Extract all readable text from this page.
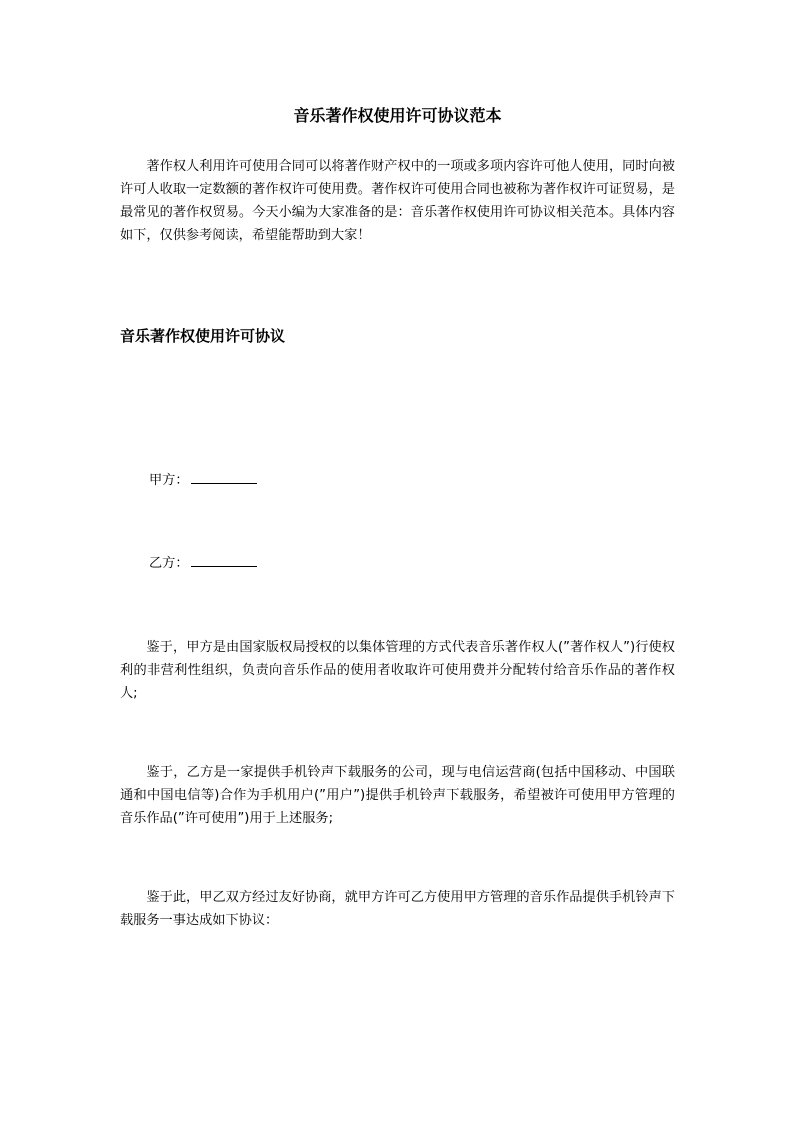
音乐著作权使用许可协议范本

著作权人利用许可使用合同可以将著作财产权中的一项或多项内容许可他人使用，同时向被许可人收取一定数额的著作权许可使用费。著作权许可使用合同也被称为著作权许可证贸易，是最常见的著作权贸易。今天小编为大家准备的是：音乐著作权使用许可协议相关范本。具体内容如下，仅供参考阅读，希望能帮助到大家！

音乐著作权使用许可协议
甲方：
乙方：

鉴于，甲方是由国家版权局授权的以集体管理的方式代表音乐著作权人(”著作权人”)行使权利的非营利性组织，负责向音乐作品的使用者收取许可使用费并分配转付给音乐作品的著作权人;

鉴于，乙方是一家提供手机铃声下载服务的公司，现与电信运营商(包括中国移动、中国联通和中国电信等)合作为手机用户(”用户”)提供手机铃声下载服务，希望被许可使用甲方管理的音乐作品(”许可使用”)用于上述服务;

鉴于此，甲乙双方经过友好协商，就甲方许可乙方使用甲方管理的音乐作品提供手机铃声下载服务一事达成如下协议：
